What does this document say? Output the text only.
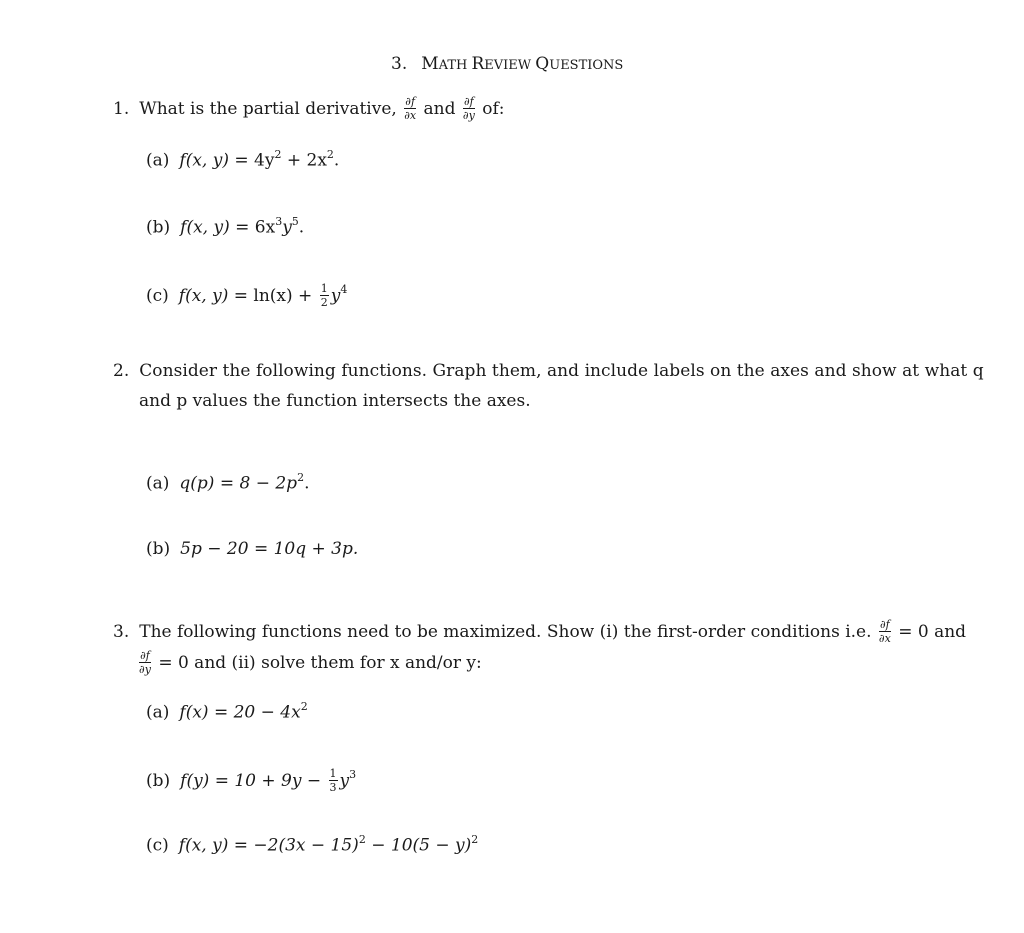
3. MATH REVIEW QUESTIONS
1. What is the partial derivative, $\frac{\partial f}{\partial x}$ and $\frac{\partial f}{\partial y}$ of:
(a) f(x, $y) = 4y^2 + 2x^2$.
(b) f(x, $y) = 6x^3y^5$.
(c) f(x, $y) = \ln(x) + \frac{1}{2} y^4$
2. Consider the following functions. Graph them, and include labels on the axes and show at what q
and p values the function intersects the axes.
(a) $q(p) = 8 - 2p^2$.
(b) 5p − 20 = 10q + 3p.
3. The following functions need to be maximized. Show (i) the first-order conditions i.e. $\frac{\partial f}{\partial x} = 0$ and
$\frac{\partial f}{\partial y} = 0$ and (ii) solve them for x and/or y:
(a) $f(x) = 20 - 4x^2$
(b) $f(y) = 10 + 9y - \frac{1}{3} y^3$
(c) f(x, $y) = -2(3x - 15)^2 - 10(5 - y)^2$
